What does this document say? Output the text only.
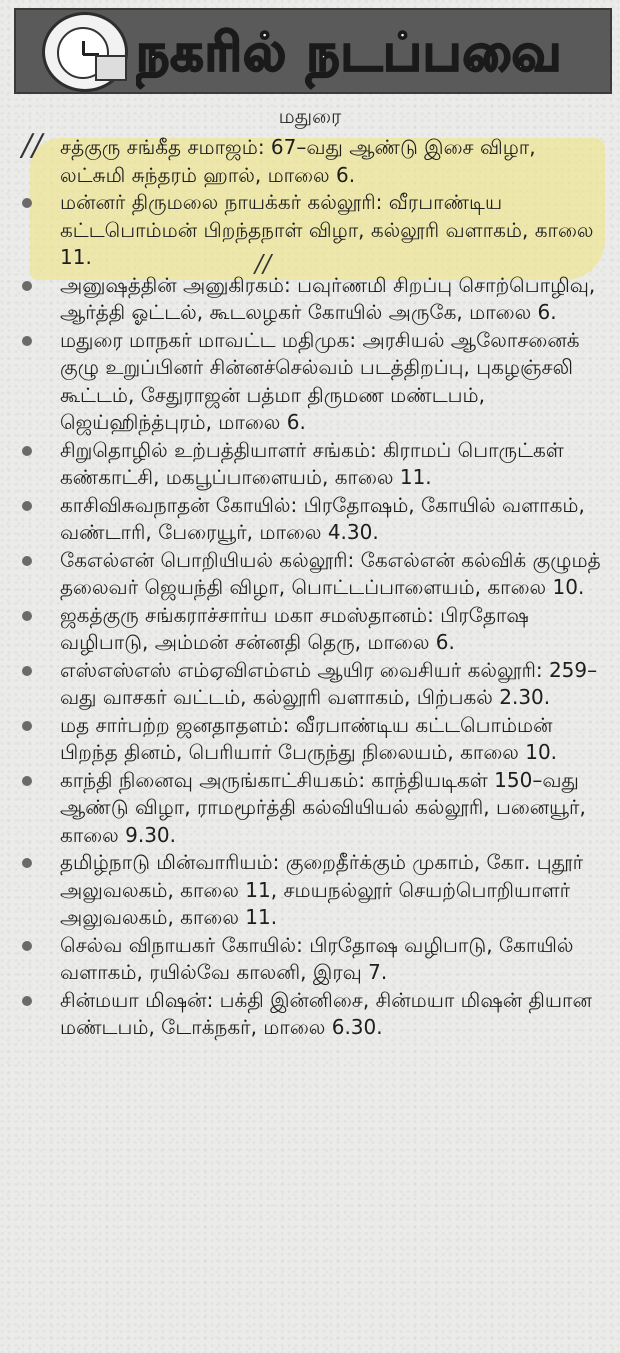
நகரில் நடப்பவை
மதுரை
//
//
சத்குரு சங்கீத சமாஜம்: 67–வது ஆண்டு இசை விழா, லட்சுமி சுந்தரம் ஹால், மாலை 6.
மன்னர் திருமலை நாயக்கர் கல்லூரி: வீரபாண்டிய கட்டபொம்மன் பிறந்தநாள் விழா, கல்லூரி வளாகம், காலை 11.
அனுஷத்தின் அனுகிரகம்: பவுர்ணமி சிறப்பு சொற்பொழிவு, ஆர்த்தி ஓட்டல், கூடலழகர் கோயில் அருகே, மாலை 6.
மதுரை மாநகர் மாவட்ட மதிமுக: அரசியல் ஆலோசனைக் குழு உறுப்பினர் சின்னச்செல்வம் படத்திறப்பு, புகழஞ்சலி கூட்டம், சேதுராஜன் பத்மா திருமண மண்டபம், ஜெய்ஹிந்த்புரம், மாலை 6.
சிறுதொழில் உற்பத்தியாளர் சங்கம்: கிராமப் பொருட்கள் கண்காட்சி, மகபூப்பாளையம், காலை 11.
காசிவிசுவநாதன் கோயில்: பிரதோஷம், கோயில் வளாகம், வண்டாரி, பேரையூர், மாலை 4.30.
கேஎல்என் பொறியியல் கல்லூரி: கேஎல்என் கல்விக் குழுமத் தலைவர் ஜெயந்தி விழா, பொட்டப்பாளையம், காலை 10.
ஜகத்குரு சங்கராச்சார்ய மகா சமஸ்தானம்: பிரதோஷ வழிபாடு, அம்மன் சன்னதி தெரு, மாலை 6.
எஸ்எஸ்எஸ் எம்ஏவிஎம்எம் ஆயிர வைசியர் கல்லூரி: 259–வது வாசகர் வட்டம், கல்லூரி வளாகம், பிற்பகல் 2.30.
மத சார்பற்ற ஜனதாதளம்: வீரபாண்டிய கட்டபொம்மன் பிறந்த தினம், பெரியார் பேருந்து நிலையம், காலை 10.
காந்தி நினைவு அருங்காட்சியகம்: காந்தியடிகள் 150–வது ஆண்டு விழா, ராமமூர்த்தி கல்வியியல் கல்லூரி, பனையூர், காலை 9.30.
தமிழ்நாடு மின்வாரியம்: குறைதீர்க்கும் முகாம், கோ. புதூர் அலுவலகம், காலை 11, சமயநல்லூர் செயற்பொறியாளர் அலுவலகம், காலை 11.
செல்வ விநாயகர் கோயில்: பிரதோஷ வழிபாடு, கோயில் வளாகம், ரயில்வே காலனி, இரவு 7.
சின்மயா மிஷன்: பக்தி இன்னிசை, சின்மயா மிஷன் தியான மண்டபம், டோக்நகர், மாலை 6.30.
